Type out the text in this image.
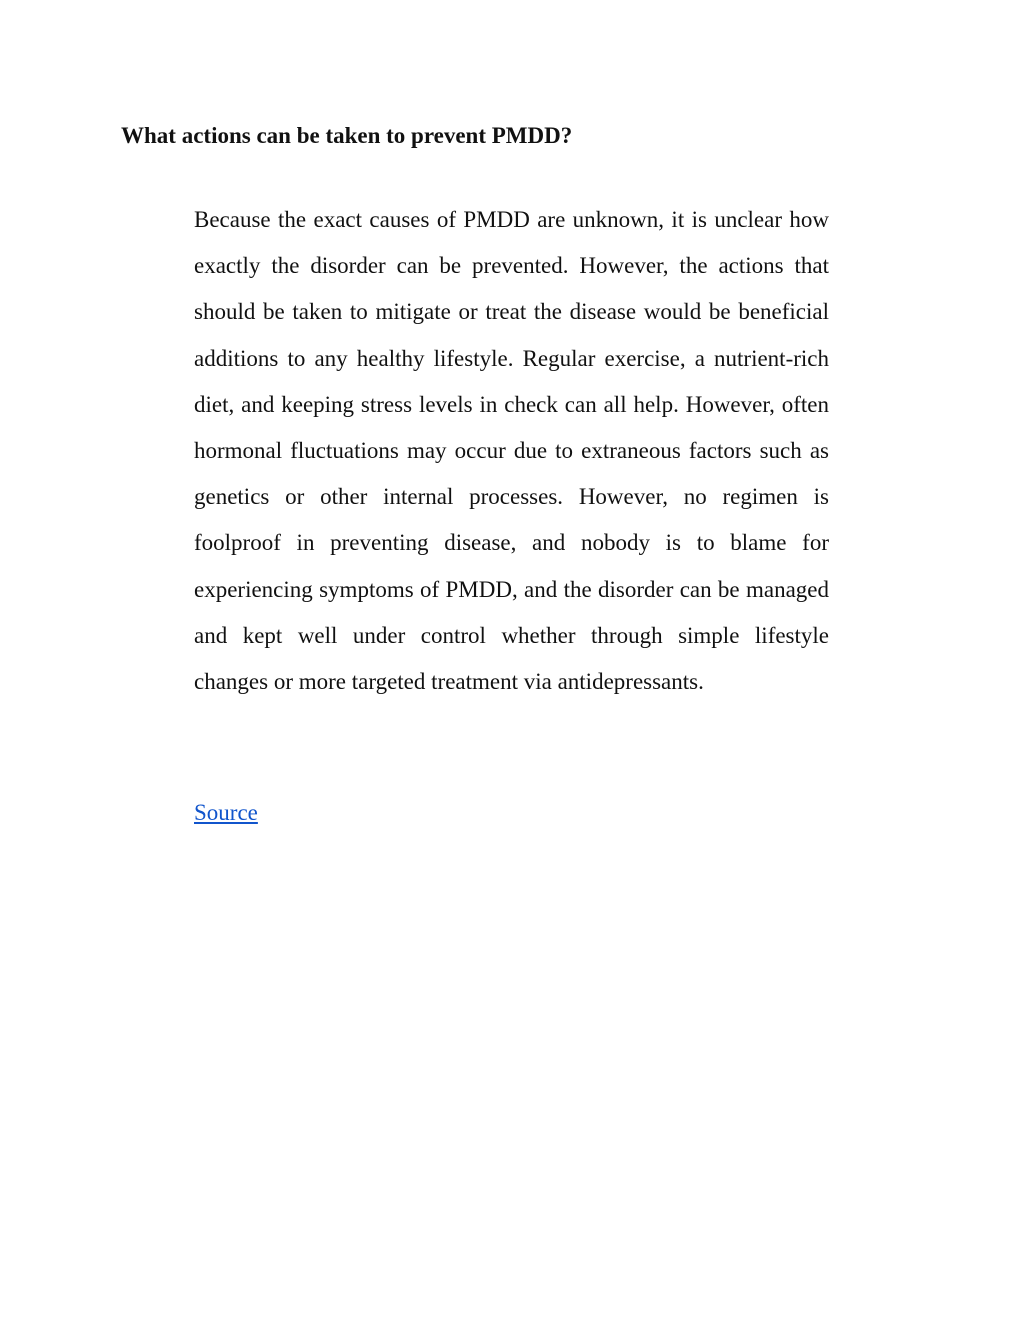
What actions can be taken to prevent PMDD?

Because the exact causes of PMDD are unknown, it is unclear how exactly the disorder can be prevented. However, the actions that should be taken to mitigate or treat the disease would be beneficial additions to any healthy lifestyle. Regular exercise, a nutrient-rich diet, and keeping stress levels in check can all help. However, often hormonal fluctuations may occur due to extraneous factors such as genetics or other internal processes. However, no regimen is foolproof in preventing disease, and nobody is to blame for experiencing symptoms of PMDD, and the disorder can be managed and kept well under control whether through simple lifestyle changes or more targeted treatment via antidepressants.

Source
